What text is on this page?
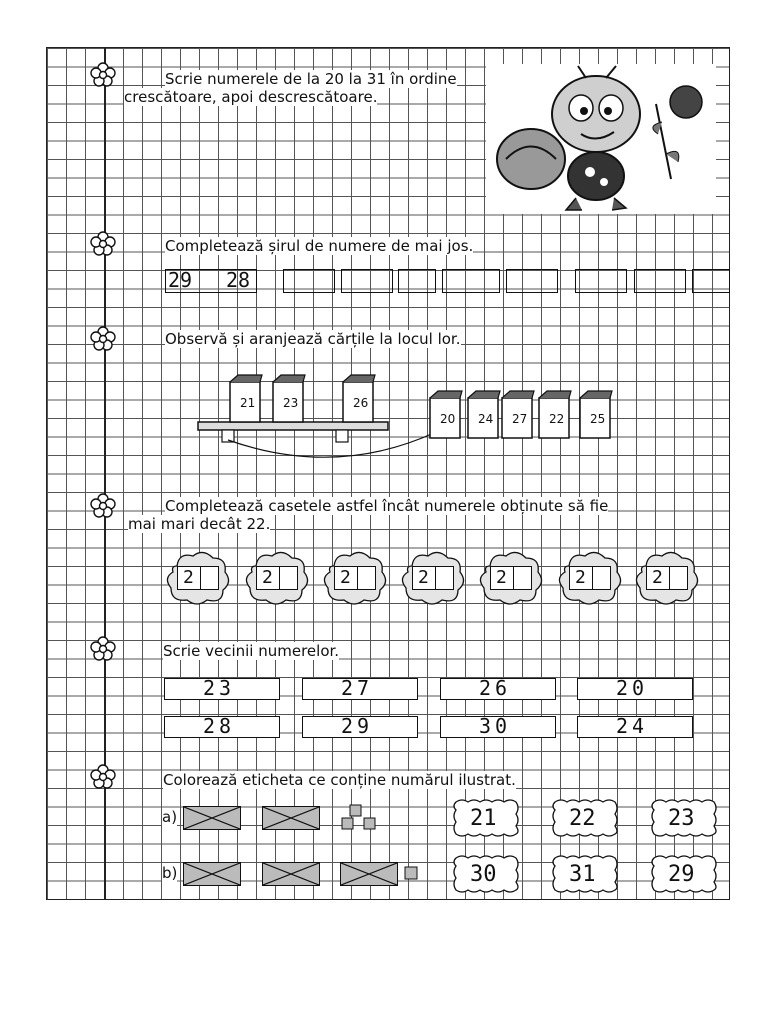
Scrie numerele de la 20 la 31 în ordine
crescătoare, apoi descrescătoare.
Completează șirul de numere de mai jos.
29 28
Observă și aranjează cărțile la locul lor.
21 23	26
20 24 27 22 25
Completează casetele astfel încât numerele obținute să fie
mai mari decât 22.
2	2	2	2	2	2	2
Scrie vecinii numerelor.
23	27	26	20
28	29	30	24
Colorează eticheta ce conține numărul ilustrat.
a)
b)
21	22	23
30	31	29
